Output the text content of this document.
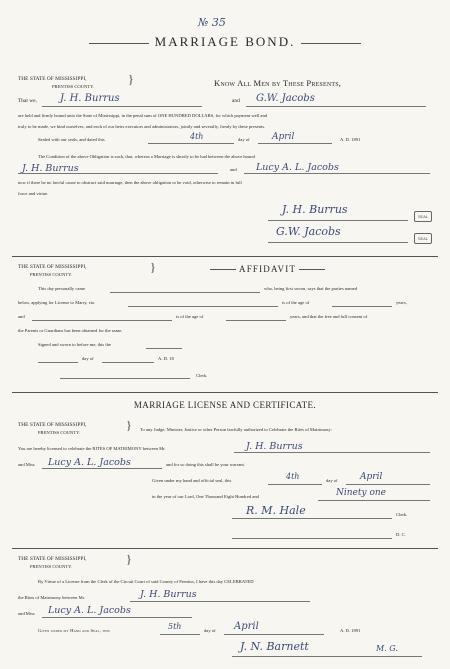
№ 35
MARRIAGE BOND.
THE STATE OF MISSISSIPPI,
PRENTISS COUNTY.
}	Know All Men by These Presents,
That we, J. H. Burrus	and G.W. Jacobs
are held and firmly bound unto the State of Mississippi, in the penal sum of ONE HUNDRED DOLLARS, for which payment well and
truly to be made, we bind ourselves, and each of our heirs executors and administrators, jointly and severally, firmly by these presents.
Sealed with our seals, and dated this	4th	day of April	A. D. 1891
The Condition of the above Obligation is such, that, whereas a Marriage is shortly to be had between the above bound
J. H. Burrus	and Lucy A. L. Jacobs
now if there be no lawful cause to obstruct said marriage, then the above obligation to be void, otherwise to remain in full
force and virtue.
J. H. Burrus
SEAL
G.W. Jacobs
SEAL
THE STATE OF MISSISSIPPI,
PRENTISS COUNTY.
}	AFFIDAVIT
This day personally came	who, being first sworn, says that the parties named
below, applying for License to Marry, viz.	is of the age of	years,
and	is of the age of	years, and that the free and full consent of
the Parents or Guardians has been obtained for the same.
Signed and sworn to before me, this the
day of	A. D. 18
Clerk.
MARRIAGE LICENSE AND CERTIFICATE.
THE STATE OF MISSISSIPPI,
PRENTISS COUNTY.
} To any Judge, Minister, Justice or other Person lawfully authorized to Celebrate the Rites of Matrimony:
You are hereby licensed to celebrate the RITES OF MATRIMONY between Mr.	J. H. Burrus
and Miss Lucy A. L. Jacobs	and for so doing this shall be your warrant.
Given under my hand and official seal, this	4th	day of April
in the year of our Lord, One Thousand Eight Hundred and	Ninety one
R. M. Hale	Clerk.
D. C.
THE STATE OF MISSISSIPPI,
PRENTISS COUNTY.
}
By Virtue of a License from the Clerk of the Circuit Court of said County of Prentiss, I have this day CELEBRATED
the Rites of Matrimony between Mr.	J. H. Burrus
and Miss Lucy A. L. Jacobs
Given under my Hand and Seal, this	5th	day of April	A. D. 1891
J. N. Barnett	M. G.
